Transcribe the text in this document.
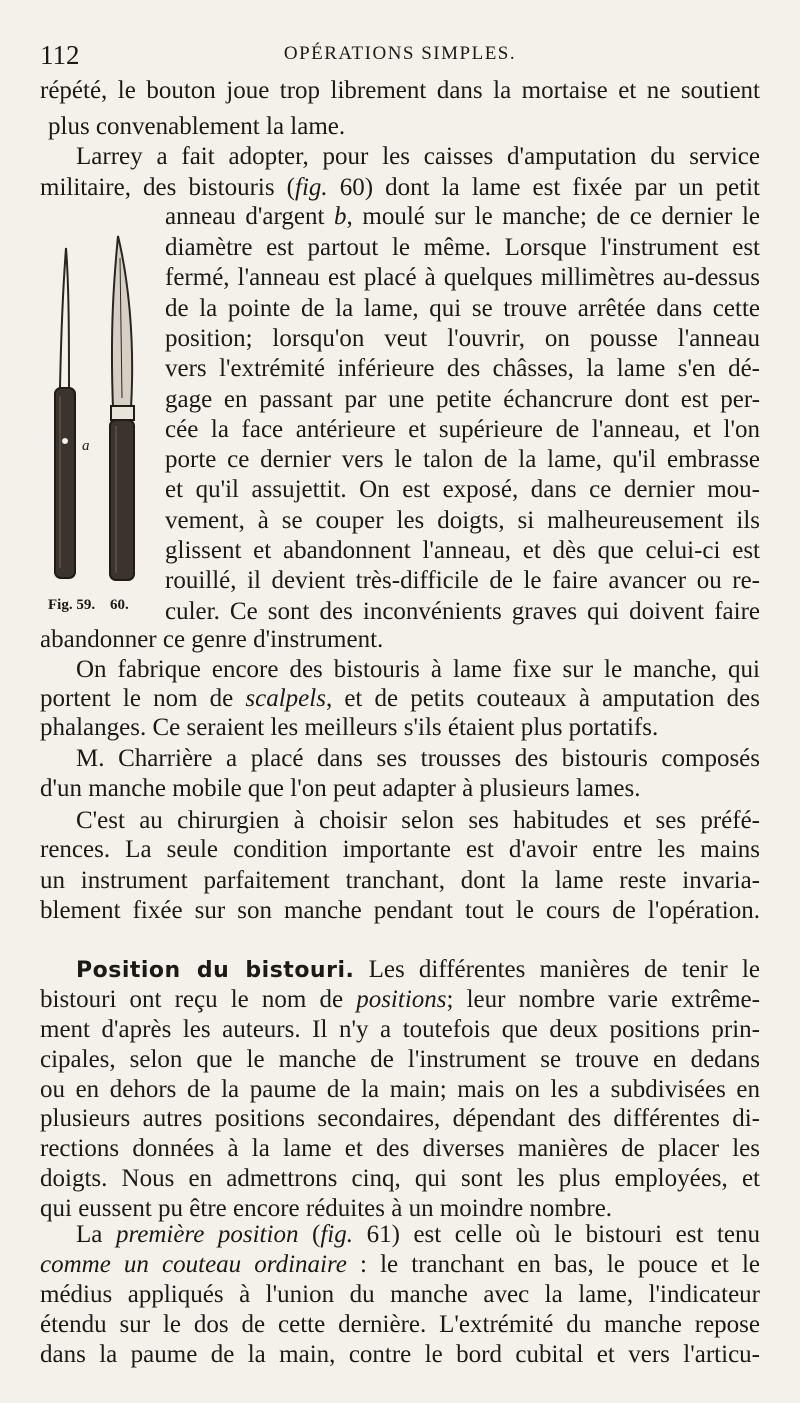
112	OPÉRATIONS SIMPLES.
répété, le bouton joue trop librement dans la mortaise et ne soutient
plus convenablement la lame.
Larrey a fait adopter, pour les caisses d'amputation du service
militaire, des bistouris (fig. 60) dont la lame est fixée par un petit
anneau d'argent b, moulé sur le manche; de ce dernier le
diamètre est partout le même. Lorsque l'instrument est
fermé, l'anneau est placé à quelques millimètres au-dessus
de la pointe de la lame, qui se trouve arrêtée dans cette
position; lorsqu'on veut l'ouvrir, on pousse l'anneau
vers l'extrémité inférieure des châsses, la lame s'en dé-
gage en passant par une petite échancrure dont est per-
cée la face antérieure et supérieure de l'anneau, et l'on
porte ce dernier vers le talon de la lame, qu'il embrasse
et qu'il assujettit. On est exposé, dans ce dernier mou-
vement, à se couper les doigts, si malheureusement ils
glissent et abandonnent l'anneau, et dès que celui-ci est
rouillé, il devient très-difficile de le faire avancer ou re-
culer. Ce sont des inconvénients graves qui doivent faire
abandonner ce genre d'instrument.
a
Fig. 59. 60.
On fabrique encore des bistouris à lame fixe sur le manche, qui
portent le nom de scalpels, et de petits couteaux à amputation des
phalanges. Ce seraient les meilleurs s'ils étaient plus portatifs.
M. Charrière a placé dans ses trousses des bistouris composés
d'un manche mobile que l'on peut adapter à plusieurs lames.
C'est au chirurgien à choisir selon ses habitudes et ses préfé-
rences. La seule condition importante est d'avoir entre les mains
un instrument parfaitement tranchant, dont la lame reste invaria-
blement fixée sur son manche pendant tout le cours de l'opération.
Position du bistouri. Les différentes manières de tenir le
bistouri ont reçu le nom de positions; leur nombre varie extrême-
ment d'après les auteurs. Il n'y a toutefois que deux positions prin-
cipales, selon que le manche de l'instrument se trouve en dedans
ou en dehors de la paume de la main; mais on les a subdivisées en
plusieurs autres positions secondaires, dépendant des différentes di-
rections données à la lame et des diverses manières de placer les
doigts. Nous en admettrons cinq, qui sont les plus employées, et
qui eussent pu être encore réduites à un moindre nombre.
La première position (fig. 61) est celle où le bistouri est tenu
comme un couteau ordinaire : le tranchant en bas, le pouce et le
médius appliqués à l'union du manche avec la lame, l'indicateur
étendu sur le dos de cette dernière. L'extrémité du manche repose
dans la paume de la main, contre le bord cubital et vers l'articu-
